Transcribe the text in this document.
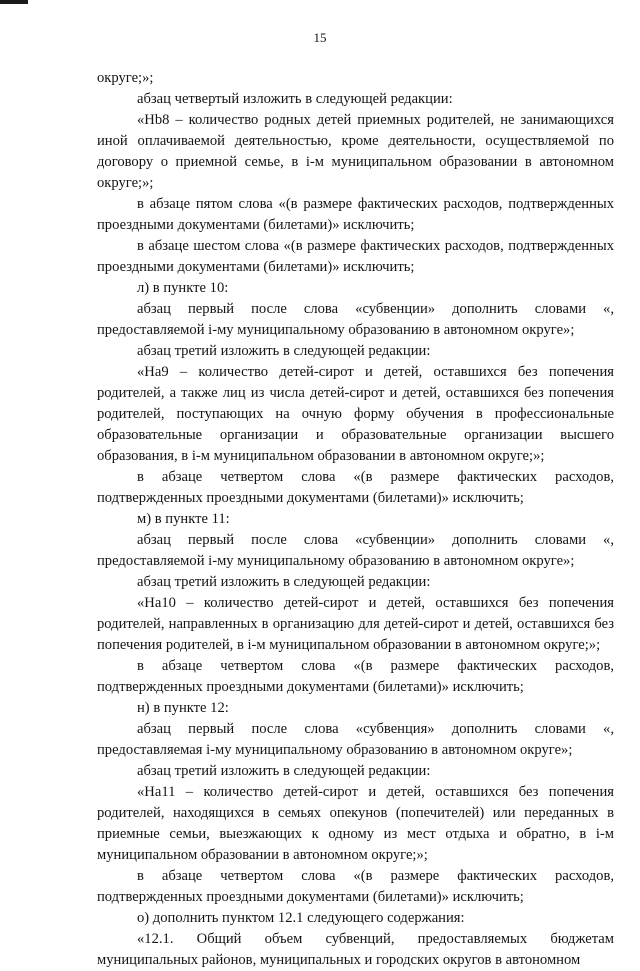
15

округе;»;

абзац четвертый изложить в следующей редакции:

«Нb8 – количество родных детей приемных родителей, не занимающихся иной оплачиваемой деятельностью, кроме деятельности, осуществляемой по договору о приемной семье, в i-м муниципальном образовании в автономном округе;»;

в абзаце пятом слова «(в размере фактических расходов, подтвержденных проездными документами (билетами)» исключить;

в абзаце шестом слова «(в размере фактических расходов, подтвержденных проездными документами (билетами)» исключить;

л) в пункте 10:

абзац первый после слова «субвенции» дополнить словами «, предоставляемой i-му муниципальному образованию в автономном округе»;

абзац третий изложить в следующей редакции:

«На9 – количество детей-сирот и детей, оставшихся без попечения родителей, а также лиц из числа детей-сирот и детей, оставшихся без попечения родителей, поступающих на очную форму обучения в профессиональные образовательные организации и образовательные организации высшего образования, в i-м муниципальном образовании в автономном округе;»;

в абзаце четвертом слова «(в размере фактических расходов, подтвержденных проездными документами (билетами)» исключить;

м) в пункте 11:

абзац первый после слова «субвенции» дополнить словами «, предоставляемой i-му муниципальному образованию в автономном округе»;

абзац третий изложить в следующей редакции:

«На10 – количество детей-сирот и детей, оставшихся без попечения родителей, направленных в организацию для детей-сирот и детей, оставшихся без попечения родителей, в i-м муниципальном образовании в автономном округе;»;

в абзаце четвертом слова «(в размере фактических расходов, подтвержденных проездными документами (билетами)» исключить;

н) в пункте 12:

абзац первый после слова «субвенция» дополнить словами «, предоставляемая i-му муниципальному образованию в автономном округе»;

абзац третий изложить в следующей редакции:

«На11 – количество детей-сирот и детей, оставшихся без попечения родителей, находящихся в семьях опекунов (попечителей) или переданных в приемные семьи, выезжающих к одному из мест отдыха и обратно, в i-м муниципальном образовании в автономном округе;»;

в абзаце четвертом слова «(в размере фактических расходов, подтвержденных проездными документами (билетами)» исключить;

о) дополнить пунктом 12.1 следующего содержания:

«12.1. Общий объем субвенций, предоставляемых бюджетам муниципальных районов, муниципальных и городских округов в автономном
